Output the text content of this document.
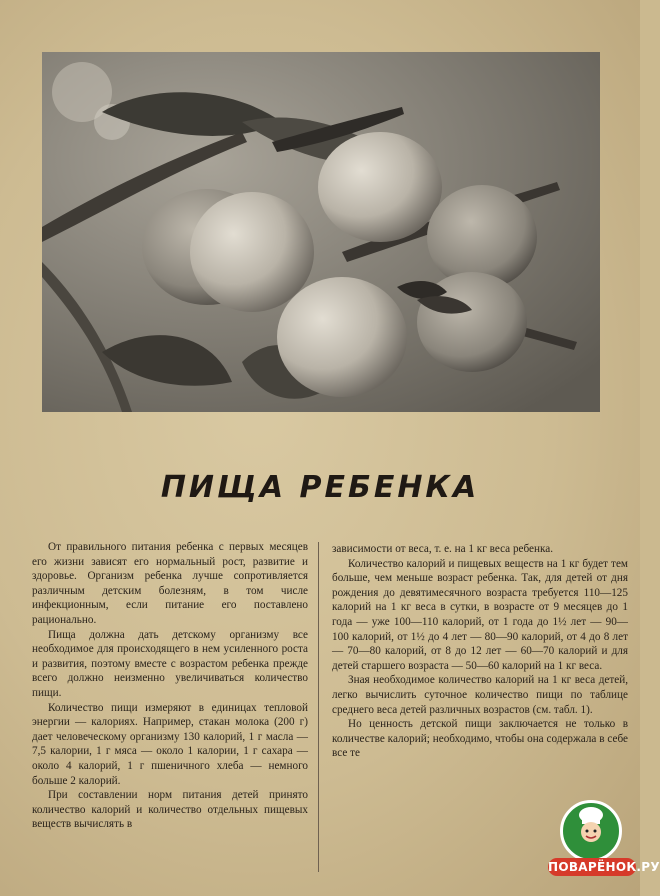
ПИЩА РЕБЕНКА

От правильного питания ребенка с первых месяцев его жизни зависят его нормальный рост, развитие и здоровье. Организм ребенка лучше сопротивляется различным детским болезням, в том числе инфекционным, если питание его поставлено рационально.

Пища должна дать детскому организму все необходимое для происходящего в нем усиленного роста и развития, поэтому вместе с возрастом ребенка прежде всего должно неизменно увеличиваться количество пищи.

Количество пищи измеряют в единицах тепловой энергии — калориях. Например, стакан молока (200 г) дает человеческому организму 130 калорий, 1 г масла — 7,5 калории, 1 г мяса — около 1 калории, 1 г сахара — около 4 калорий, 1 г пшеничного хлеба — немного больше 2 калорий.

При составлении норм питания детей принято количество калорий и количество отдельных пищевых веществ вычислять в

зависимости от веса, т. е. на 1 кг веса ребенка.

Количество калорий и пищевых веществ на 1 кг будет тем больше, чем меньше возраст ребенка. Так, для детей от дня рождения до девятимесячного возраста требуется 110—125 калорий на 1 кг веса в сутки, в возрасте от 9 месяцев до 1 года — уже 100—110 калорий, от 1 года до 1½ лет — 90—100 калорий, от 1½ до 4 лет — 80—90 калорий, от 4 до 8 лет — 70—80 калорий, от 8 до 12 лет — 60—70 калорий и для детей старшего возраста — 50—60 калорий на 1 кг веса.

Зная необходимое количество калорий на 1 кг веса детей, легко вычислить суточное количество пищи по таблице среднего веса детей различных возрастов (см. табл. 1).

Но ценность детской пищи заключается не только в количестве калорий; необходимо, чтобы она содержала в себе все те

ПОВАРЁНОК.РУ
